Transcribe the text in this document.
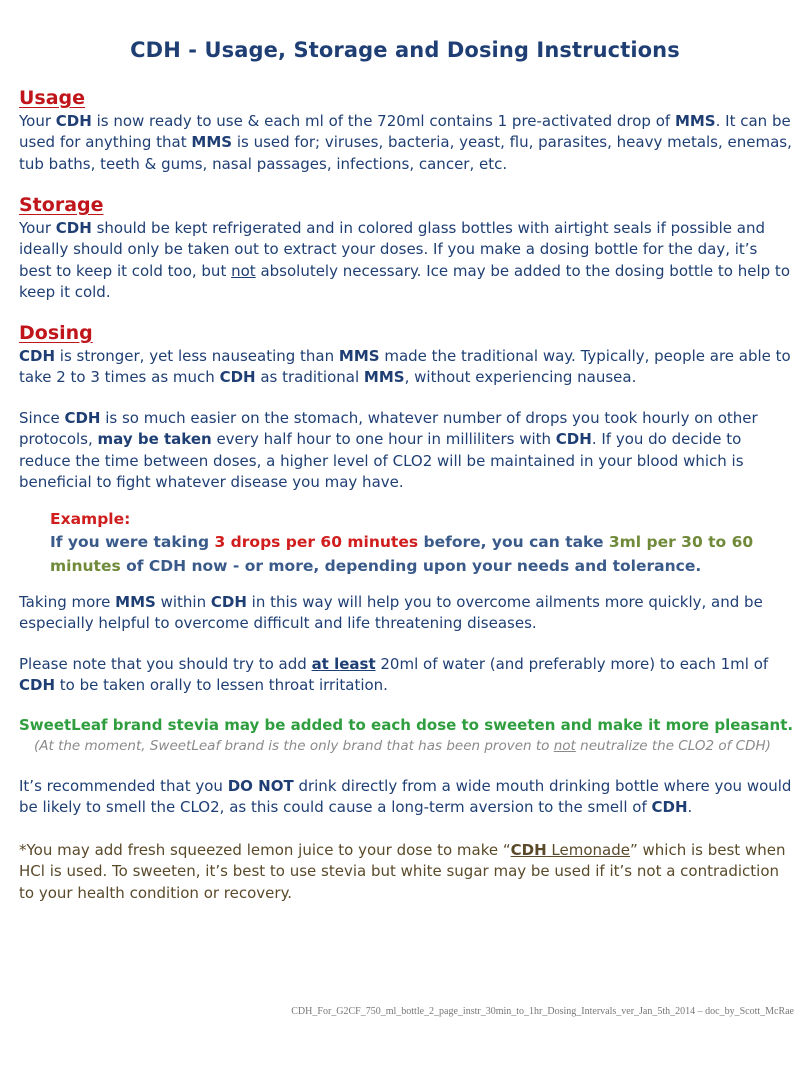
CDH - Usage, Storage and Dosing Instructions
Usage
Your CDH is now ready to use & each ml of the 720ml contains 1 pre-activated drop of MMS. It can be used for anything that MMS is used for; viruses, bacteria, yeast, flu, parasites, heavy metals, enemas, tub baths, teeth & gums, nasal passages, infections, cancer, etc.
Storage
Your CDH should be kept refrigerated and in colored glass bottles with airtight seals if possible and ideally should only be taken out to extract your doses. If you make a dosing bottle for the day, it’s best to keep it cold too, but not absolutely necessary. Ice may be added to the dosing bottle to help to keep it cold.
Dosing
CDH is stronger, yet less nauseating than MMS made the traditional way. Typically, people are able to take 2 to 3 times as much CDH as traditional MMS, without experiencing nausea.
Since CDH is so much easier on the stomach, whatever number of drops you took hourly on other protocols, may be taken every half hour to one hour in milliliters with CDH. If you do decide to reduce the time between doses, a higher level of CLO2 will be maintained in your blood which is beneficial to fight whatever disease you may have.
Example:
If you were taking 3 drops per 60 minutes before, you can take 3ml per 30 to 60 minutes of CDH now - or more, depending upon your needs and tolerance.
Taking more MMS within CDH in this way will help you to overcome ailments more quickly, and be especially helpful to overcome difficult and life threatening diseases.
Please note that you should try to add at least 20ml of water (and preferably more) to each 1ml of CDH to be taken orally to lessen throat irritation.
SweetLeaf brand stevia may be added to each dose to sweeten and make it more pleasant.
(At the moment, SweetLeaf brand is the only brand that has been proven to not neutralize the CLO2 of CDH)
It’s recommended that you DO NOT drink directly from a wide mouth drinking bottle where you would be likely to smell the CLO2, as this could cause a long-term aversion to the smell of CDH.
*You may add fresh squeezed lemon juice to your dose to make “CDH Lemonade” which is best when HCl is used. To sweeten, it’s best to use stevia but white sugar may be used if it’s not a contradiction to your health condition or recovery.
CDH_For_G2CF_750_ml_bottle_2_page_instr_30min_to_1hr_Dosing_Intervals_ver_Jan_5th_2014 – doc_by_Scott_McRae
